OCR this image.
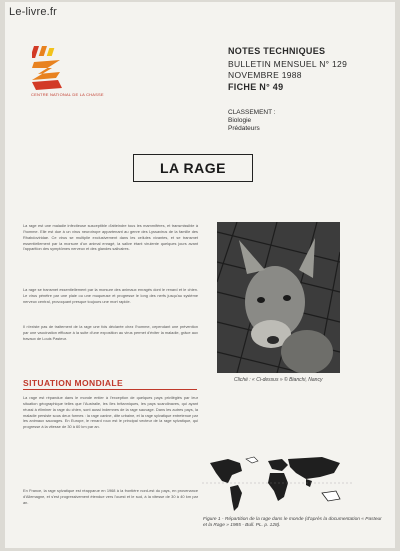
Le-livre.fr
CENTRE NATIONAL DE LA CHASSE
NOTES TECHNIQUES
BULLETIN MENSUEL N° 129
NOVEMBRE 1988
FICHE N° 49
CLASSEMENT :
Biologie
Prédateurs
LA RAGE

La rage est une maladie infectieuse susceptible d'atteindre tous les mammifères, et transmissible à l'homme. Elle est due à un virus neurotrope appartenant au genre des Lyssavirus de la famille des Rhabdoviridae. Ce virus se multiplie exclusivement dans les cellules vivantes, et se transmet essentiellement par la morsure d'un animal enragé, la salive étant virulente quelques jours avant l'apparition des symptômes nerveux et des glandes salivaires.

La rage se transmet essentiellement par la morsure des animaux enragés dont le renard et le chien. Le virus pénètre par une plaie ou une muqueuse et progresse le long des nerfs jusqu'au système nerveux central, provoquant presque toujours une mort rapide.

Il n'existe pas de traitement de la rage une fois déclarée chez l'homme, cependant une prévention par une vaccination efficace à la suite d'une exposition au virus permet d'éviter la maladie, grâce aux travaux de Louis Pasteur.

Cliché : « Ci-dessus » © Bianchi, Nancy
SITUATION MONDIALE

La rage est répandue dans le monde entier à l'exception de quelques pays privilégiés par leur situation géographique telles que l'Australie, les îles britanniques, les pays scandinaves, qui ayant réussi à éliminer la rage du chien, sont aussi indemnes de la rage sauvage. Dans les autres pays, la maladie persiste sous deux formes : la rage canine, dite urbaine, et la rage sylvatique entretenue par les animaux sauvages. En Europe, le renard roux est le principal vecteur de la rage sylvatique, qui progresse à la vitesse de 30 à 60 km par an.

En France, la rage sylvatique est réapparue en 1968 à la frontière nord-est du pays, en provenance d'Allemagne, et s'est progressivement étendue vers l'ouest et le sud, à la vitesse de 30 à 40 km par an.

Figure 1 - Répartition de la rage dans le monde (d'après la documentation « Pasteur et la Rage » 1985 - Bull. PL. p. 128).
